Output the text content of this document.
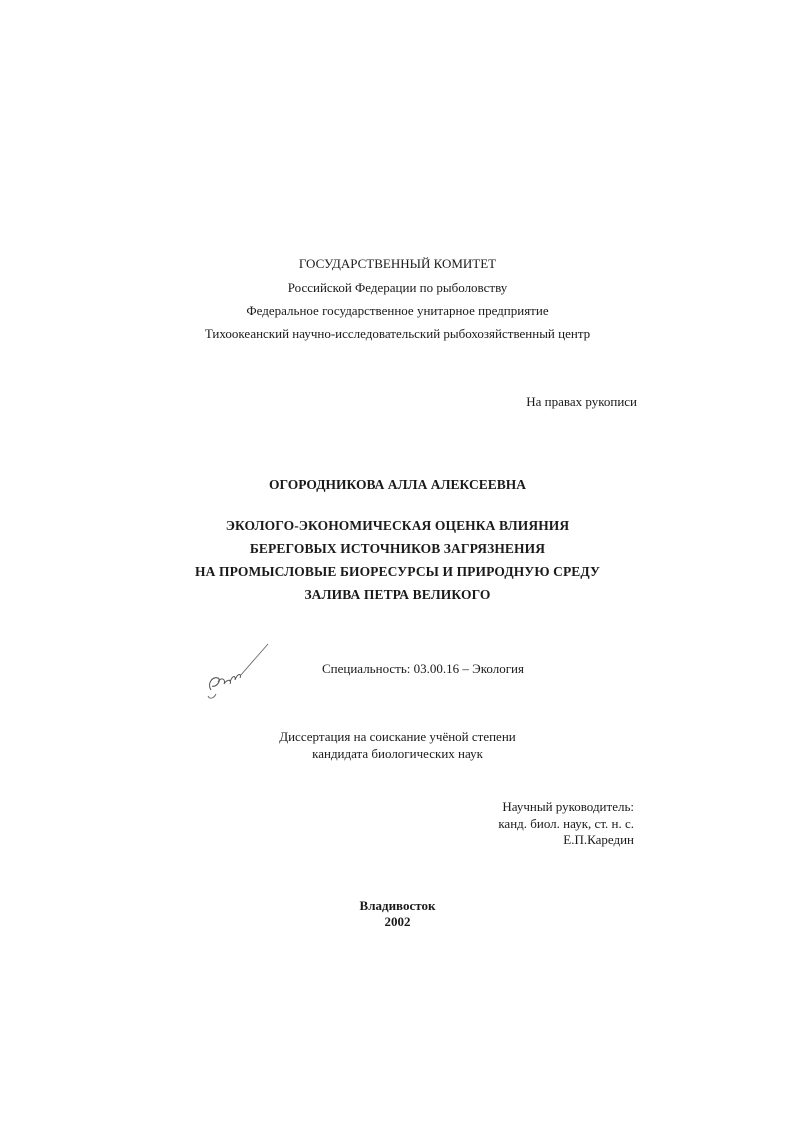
ГОСУДАРСТВЕННЫЙ КОМИТЕТ
Российской Федерации по рыболовству
Федеральное государственное унитарное предприятие
Тихоокеанский научно-исследовательский рыбохозяйственный центр
На правах рукописи
ОГОРОДНИКОВА АЛЛА АЛЕКСЕЕВНА
ЭКОЛОГО-ЭКОНОМИЧЕСКАЯ ОЦЕНКА ВЛИЯНИЯ
БЕРЕГОВЫХ ИСТОЧНИКОВ ЗАГРЯЗНЕНИЯ
НА ПРОМЫСЛОВЫЕ БИОРЕСУРСЫ И ПРИРОДНУЮ СРЕДУ
ЗАЛИВА ПЕТРА ВЕЛИКОГО
Специальность: 03.00.16 – Экология
Диссертация на соискание учёной степени
кандидата биологических наук
Научный руководитель:
канд. биол. наук, ст. н. с.
Е.П.Каредин
Владивосток
2002
